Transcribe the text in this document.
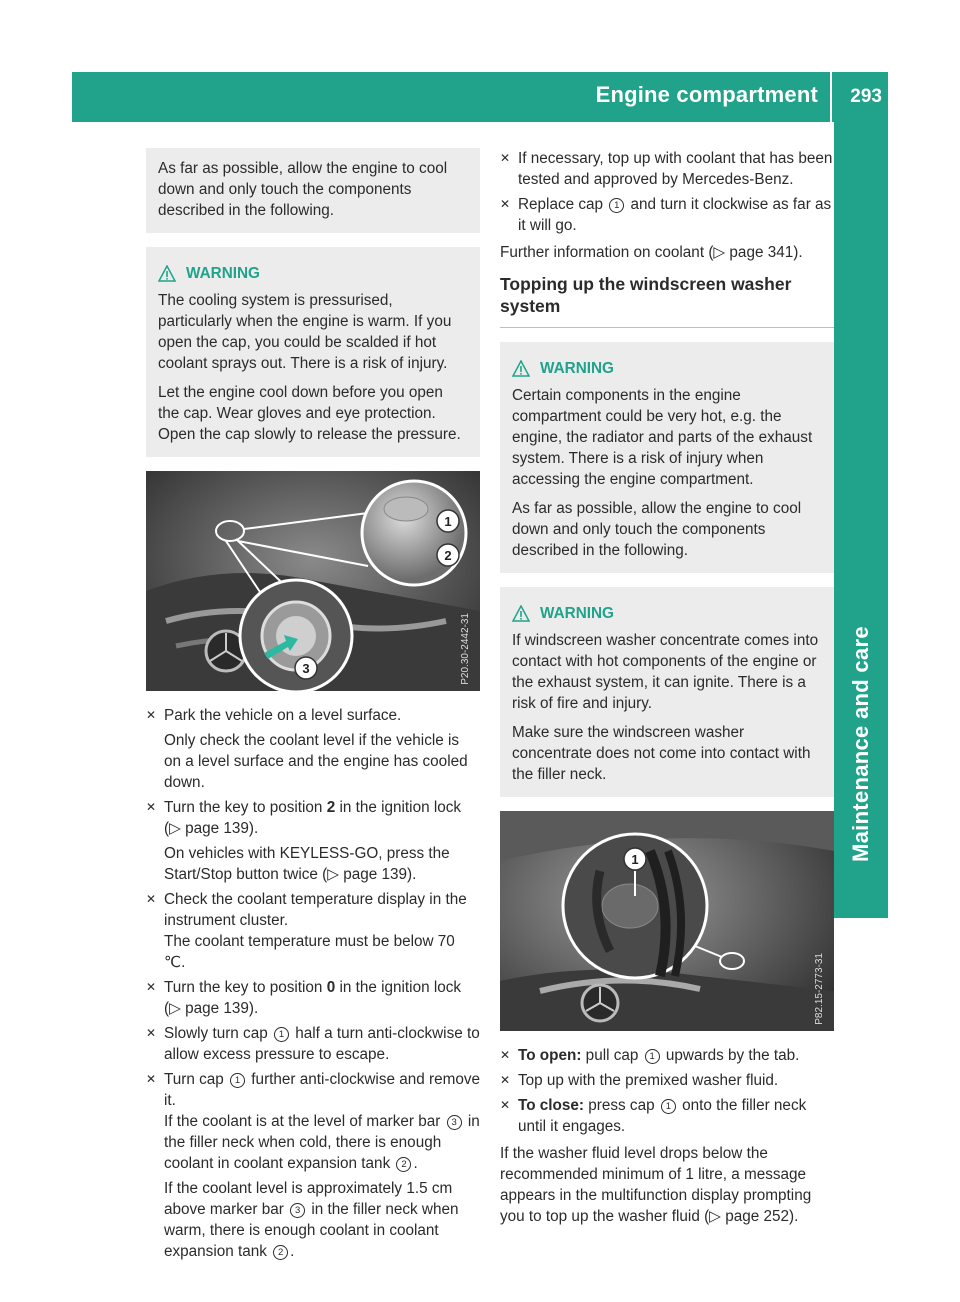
Engine compartment 293
Maintenance and care

As far as possible, allow the engine to cool down and only touch the components described in the following.

WARNING

The cooling system is pressurised, particularly when the engine is warm. If you open the cap, you could be scalded if hot coolant sprays out. There is a risk of injury.

Let the engine cool down before you open the cap. Wear gloves and eye protection. Open the cap slowly to release the pressure.

1
2
3	P20.30-2442-31
✕ Park the vehicle on a level surface.

Only check the coolant level if the vehicle is on a level surface and the engine has cooled down.

✕ Turn the key to position 2 in the ignition lock (▷ page 139).

On vehicles with KEYLESS-GO, press the Start/Stop button twice (▷ page 139).

✕ Check the coolant temperature display in the instrument cluster.

The coolant temperature must be below 70 ℃.

✕ Turn the key to position 0 in the ignition lock (▷ page 139).

✕ Slowly turn cap 1 half a turn anti-clockwise to allow excess pressure to escape.

✕ Turn cap 1 further anti-clockwise and remove it.

If the coolant is at the level of marker bar 3 in the filler neck when cold, there is enough coolant in coolant expansion tank 2 .

If the coolant level is approximately 1.5 cm above marker bar 3 in the filler neck when warm, there is enough coolant in coolant expansion tank 2 .

✕ If necessary, top up with coolant that has been tested and approved by Mercedes-Benz.

✕ Replace cap 1 and turn it clockwise as far as it will go.

Further information on coolant (▷ page 341).

Topping up the windscreen washer system
WARNING

Certain components in the engine compartment could be very hot, e.g. the engine, the radiator and parts of the exhaust system. There is a risk of injury when accessing the engine compartment.

As far as possible, allow the engine to cool down and only touch the components described in the following.

WARNING

If windscreen washer concentrate comes into contact with hot components of the engine or the exhaust system, it can ignite. There is a risk of fire and injury.

Make sure the windscreen washer concentrate does not come into contact with the filler neck.

1
P82.15-2773-31
✕ To open: pull cap 1 upwards by the tab.

✕ Top up with the premixed washer fluid.

✕ To close: press cap 1 onto the filler neck until it engages.

If the washer fluid level drops below the recommended minimum of 1 litre, a message appears in the multifunction display prompting you to top up the washer fluid (▷ page 252).
